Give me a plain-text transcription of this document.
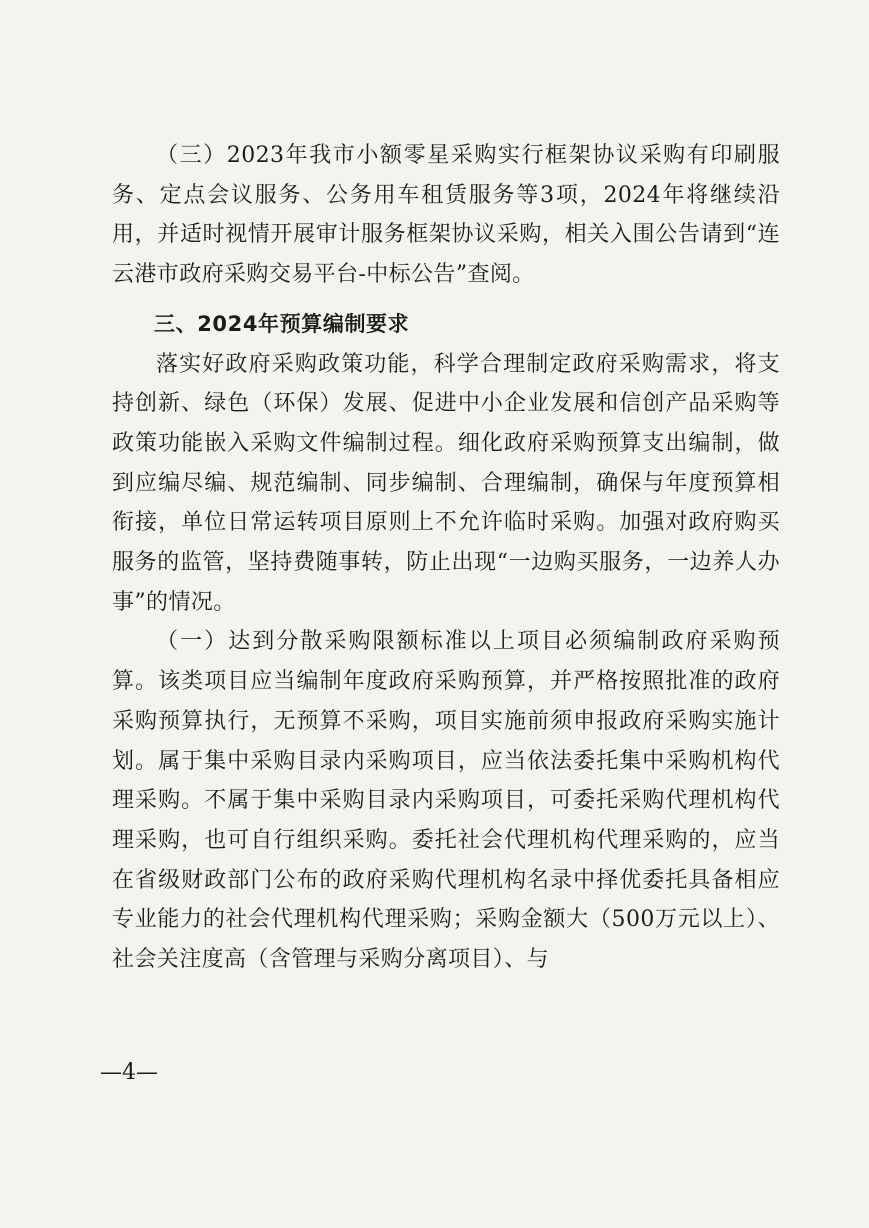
（三）2023年我市小额零星采购实行框架协议采购有印刷服务、定点会议服务、公务用车租赁服务等3项，2024年将继续沿用，并适时视情开展审计服务框架协议采购，相关入围公告请到“连云港市政府采购交易平台-中标公告”查阅。

三、2024年预算编制要求

落实好政府采购政策功能，科学合理制定政府采购需求，将支持创新、绿色（环保）发展、促进中小企业发展和信创产品采购等政策功能嵌入采购文件编制过程。细化政府采购预算支出编制，做到应编尽编、规范编制、同步编制、合理编制，确保与年度预算相衔接，单位日常运转项目原则上不允许临时采购。加强对政府购买服务的监管，坚持费随事转，防止出现“一边购买服务，一边养人办事”的情况。

（一）达到分散采购限额标准以上项目必须编制政府采购预算。该类项目应当编制年度政府采购预算，并严格按照批准的政府采购预算执行，无预算不采购，项目实施前须申报政府采购实施计划。属于集中采购目录内采购项目，应当依法委托集中采购机构代理采购。不属于集中采购目录内采购项目，可委托采购代理机构代理采购，也可自行组织采购。委托社会代理机构代理采购的，应当在省级财政部门公布的政府采购代理机构名录中择优委托具备相应专业能力的社会代理机构代理采购；采购金额大（500万元以上）、社会关注度高（含管理与采购分离项目）、与

—4—
